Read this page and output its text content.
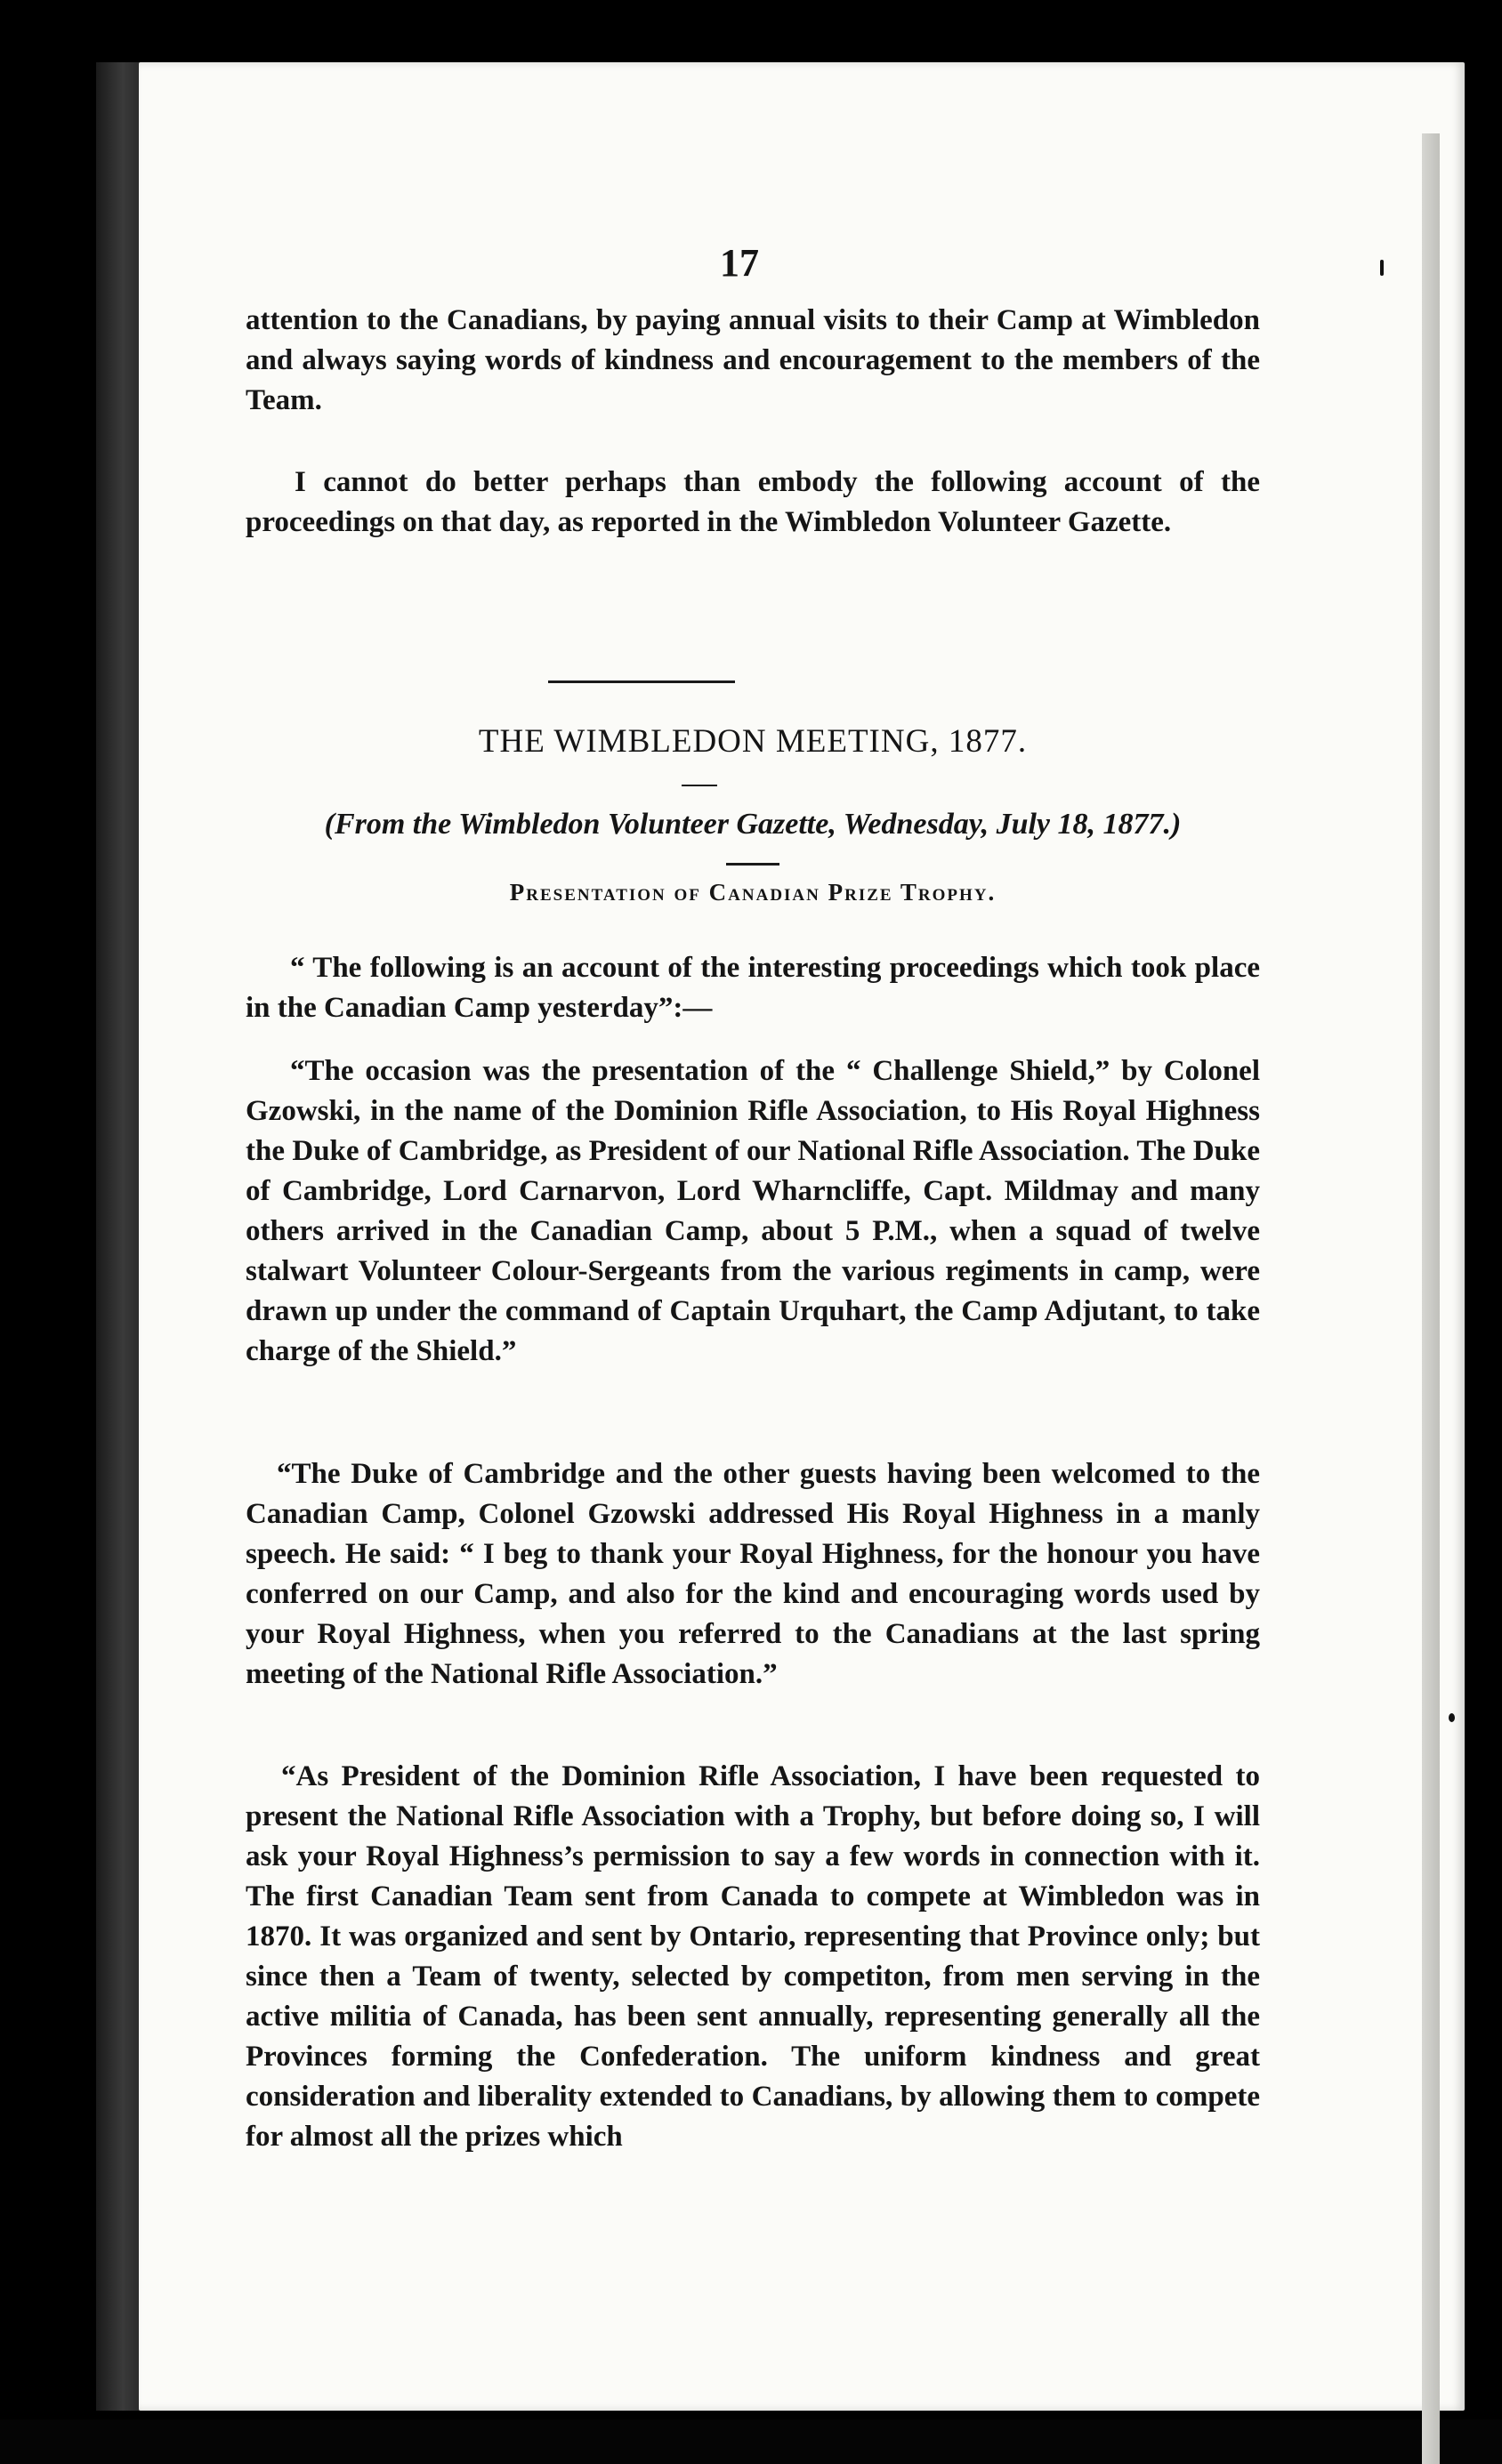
17
attention to the Canadians, by paying annual visits to their Camp at Wimbledon and always saying words of kindness and encouragement to the members of the Team.
I cannot do better perhaps than embody the following account of the proceedings on that day, as reported in the Wimbledon Volunteer Gazette.
THE WIMBLEDON MEETING, 1877.
(From the Wimbledon Volunteer Gazette, Wednesday, July 18, 1877.)
Presentation of Canadian Prize Trophy.
“ The following is an account of the interesting proceedings which took place in the Canadian Camp yesterday”:—
“The occasion was the presentation of the “ Challenge Shield,” by Colonel Gzowski, in the name of the Dominion Rifle Association, to His Royal Highness the Duke of Cambridge, as President of our National Rifle Association. The Duke of Cambridge, Lord Carnarvon, Lord Wharncliffe, Capt. Mildmay and many others arrived in the Canadian Camp, about 5 P.M., when a squad of twelve stalwart Volunteer Colour-Sergeants from the various regiments in camp, were drawn up under the command of Captain Urquhart, the Camp Adjutant, to take charge of the Shield.”
“The Duke of Cambridge and the other guests having been welcomed to the Canadian Camp, Colonel Gzowski addressed His Royal Highness in a manly speech. He said: “ I beg to thank your Royal Highness, for the honour you have conferred on our Camp, and also for the kind and encouraging words used by your Royal Highness, when you referred to the Canadians at the last spring meeting of the National Rifle Association.”
“As President of the Dominion Rifle Association, I have been requested to present the National Rifle Association with a Trophy, but before doing so, I will ask your Royal Highness’s permission to say a few words in connection with it. The first Canadian Team sent from Canada to compete at Wimbledon was in 1870. It was organized and sent by Ontario, representing that Province only; but since then a Team of twenty, selected by competiton, from men serving in the active militia of Canada, has been sent annually, representing generally all the Provinces forming the Confederation. The uniform kindness and great consideration and liberality extended to Canadians, by allowing them to compete for almost all the prizes which
